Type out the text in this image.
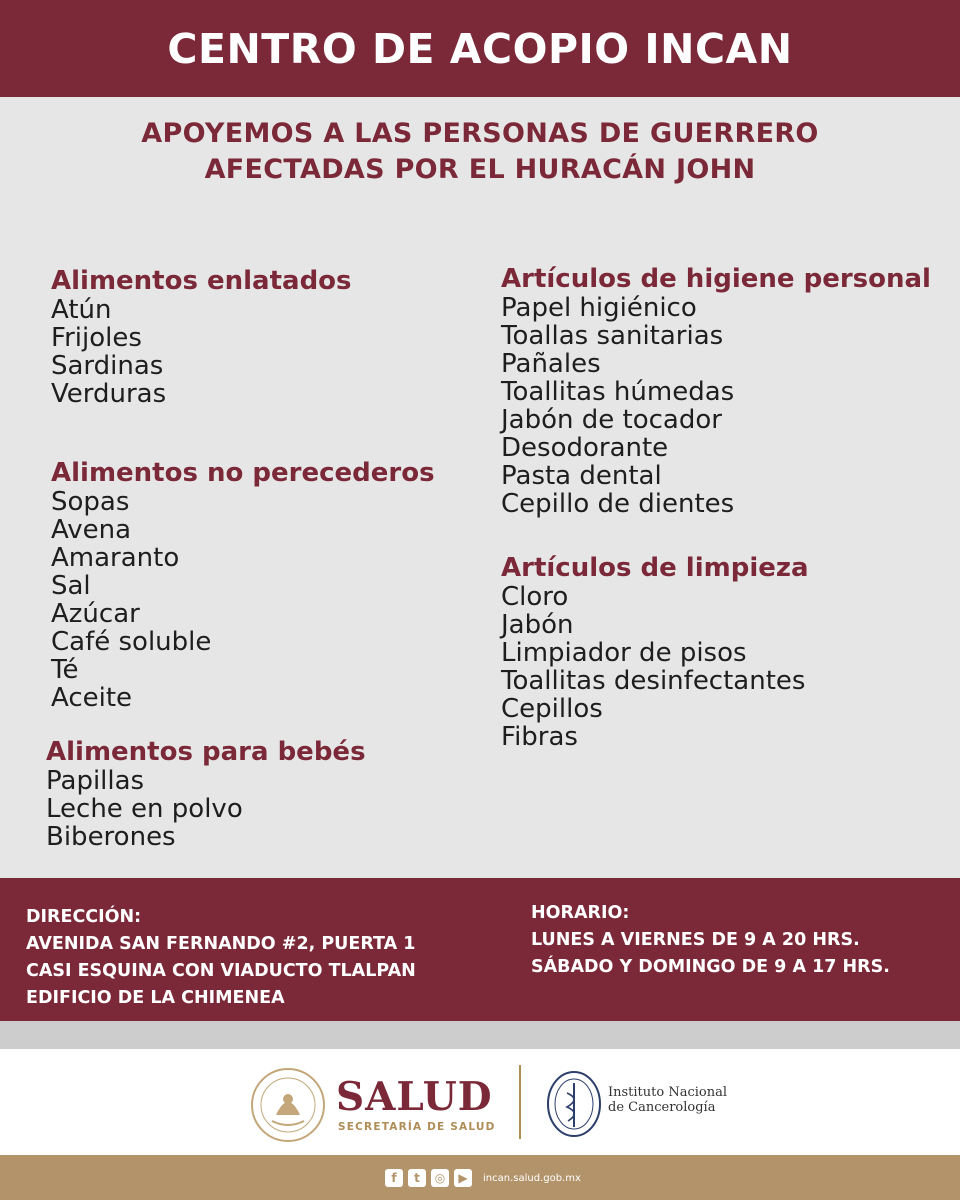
CENTRO DE ACOPIO INCAN
APOYEMOS A LAS PERSONAS DE GUERRERO
AFECTADAS POR EL HURACÁN JOHN
Alimentos enlatados
Atún
Frijoles
Sardinas
Verduras
Alimentos no perecederos
Sopas
Avena
Amaranto
Sal
Azúcar
Café soluble
Té
Aceite
Alimentos para bebés
Papillas
Leche en polvo
Biberones
Artículos de higiene personal
Papel higiénico
Toallas sanitarias
Pañales
Toallitas húmedas
Jabón de tocador
Desodorante
Pasta dental
Cepillo de dientes
Artículos de limpieza
Cloro
Jabón
Limpiador de pisos
Toallitas desinfectantes
Cepillos
Fibras
DIRECCIÓN:
AVENIDA SAN FERNANDO #2, PUERTA 1
CASI ESQUINA CON VIADUCTO TLALPAN
EDIFICIO DE LA CHIMENEA
HORARIO:
LUNES A VIERNES DE 9 A 20 HRS.
SÁBADO Y DOMINGO DE 9 A 17 HRS.
SALUD
SECRETARÍA DE SALUD
Instituto Nacional
de Cancerología
f	t	◎	▶	incan.salud.gob.mx
